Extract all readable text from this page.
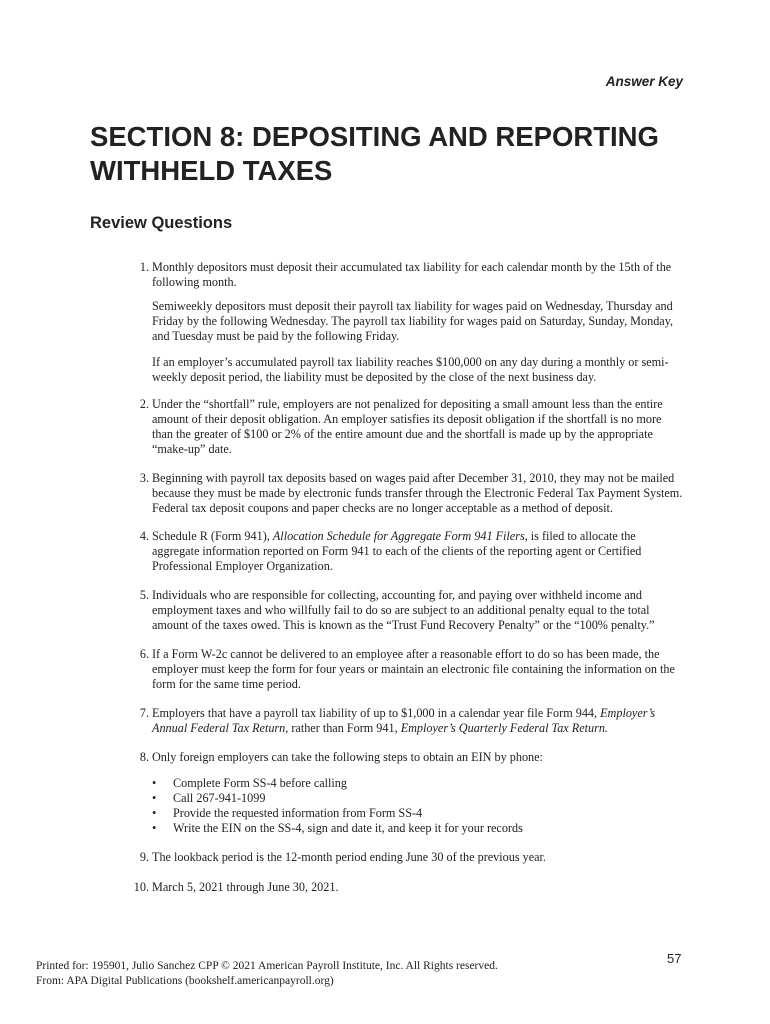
Answer Key
SECTION 8: DEPOSITING AND REPORTING
WITHHELD TAXES
Review Questions
1. Monthly depositors must deposit their accumulated tax liability for each calendar month by the 15th of the following month.

Semiweekly depositors must deposit their payroll tax liability for wages paid on Wednesday, Thursday and Friday by the following Wednesday. The payroll tax liability for wages paid on Saturday, Sunday, Monday, and Tuesday must be paid by the following Friday.

If an employer’s accumulated payroll tax liability reaches $100,000 on any day during a monthly or semi-weekly deposit period, the liability must be deposited by the close of the next business day.

2. Under the “shortfall” rule, employers are not penalized for depositing a small amount less than the entire amount of their deposit obligation. An employer satisfies its deposit obligation if the shortfall is no more than the greater of $100 or 2% of the entire amount due and the shortfall is made up by the appropriate “make-up” date.

3. Beginning with payroll tax deposits based on wages paid after December 31, 2010, they may not be mailed because they must be made by electronic funds transfer through the Electronic Federal Tax Payment System. Federal tax deposit coupons and paper checks are no longer acceptable as a method of deposit.

4. Schedule R (Form 941), Allocation Schedule for Aggregate Form 941 Filers, is filed to allocate the aggregate information reported on Form 941 to each of the clients of the reporting agent or Certified Professional Employer Organization.

5. Individuals who are responsible for collecting, accounting for, and paying over withheld income and employment taxes and who willfully fail to do so are subject to an additional penalty equal to the total amount of the taxes owed. This is known as the “Trust Fund Recovery Penalty” or the “100% penalty.”

6. If a Form W-2c cannot be delivered to an employee after a reasonable effort to do so has been made, the employer must keep the form for four years or maintain an electronic file containing the information on the form for the same time period.

7. Employers that have a payroll tax liability of up to $1,000 in a calendar year file Form 944, Employer’s Annual Federal Tax Return, rather than Form 941, Employer’s Quarterly Federal Tax Return.

8. Only foreign employers can take the following steps to obtain an EIN by phone:

• Complete Form SS-4 before calling
• Call 267-941-1099
• Provide the requested information from Form SS-4
• Write the EIN on the SS-4, sign and date it, and keep it for your records
9. The lookback period is the 12-month period ending June 30 of the previous year.

10. March 5, 2021 through June 30, 2021.

Printed for: 195901, Julio Sanchez CPP © 2021 American Payroll Institute, Inc. All Rights reserved.
From: APA Digital Publications (bookshelf.americanpayroll.org)
57
